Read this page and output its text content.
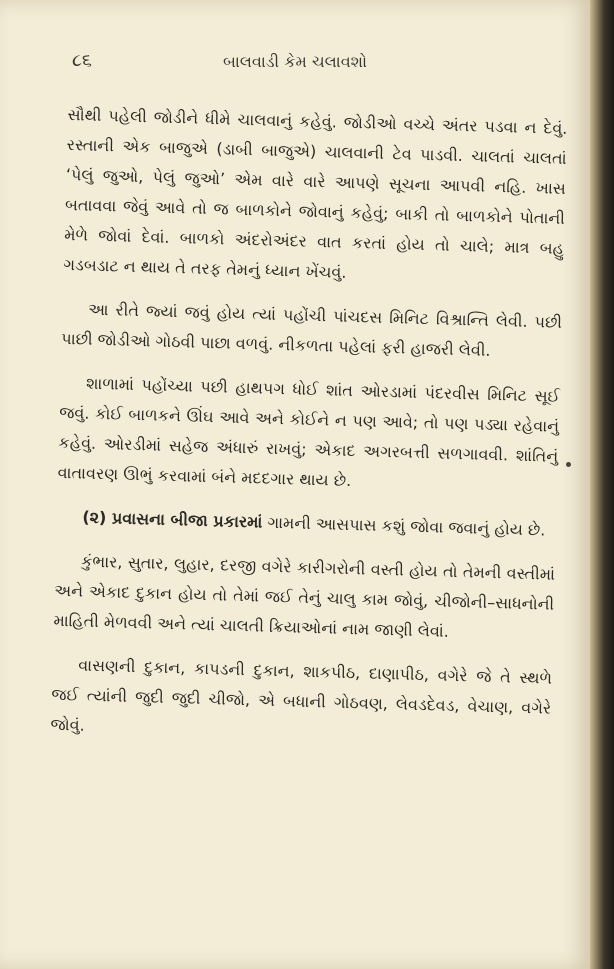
૮૬	બાલવાડી કેમ ચલાવશો

સૌથી પહેલી જોડીને ધીમે ચાલવાનું કહેવું. જોડીઓ વચ્ચે અંતર પડવા ન દેવું. રસ્તાની એક બાજુએ (ડાબી બાજુએ) ચાલવાની ટેવ પાડવી. ચાલતાં ચાલતાં ‘પેલું જુઓ, પેલું જુઓ’ એમ વારે વારે આપણે સૂચના આપવી નહિ. ખાસ બતાવવા જેવું આવે તો જ બાળકોને જોવાનું કહેવું; બાકી તો બાળકોને પોતાની મેળે જોવાં દેવાં. બાળકો અંદરોઅંદર વાત કરતાં હોય તો ચાલે; માત્ર બહુ ગડબડાટ ન થાય તે તરફ તેમનું ધ્યાન ખેંચવું.

આ રીતે જ્યાં જવું હોય ત્યાં પહોંચી પાંચદસ મિનિટ વિશ્રાન્તિ લેવી. પછી પાછી જોડીઓ ગોઠવી પાછા વળવું. નીકળતા પહેલાં ફરી હાજરી લેવી.

શાળામાં પહોંચ્યા પછી હાથપગ ધોઈ શાંત ઓરડામાં પંદરવીસ મિનિટ સૂઈ જવું. કોઈ બાળકને ઊંઘ આવે અને કોઈને ન પણ આવે; તો પણ પડ્યા રહેવાનું કહેવું. ઓરડીમાં સહેજ અંધારું રાખવું; એકાદ અગરબત્તી સળગાવવી. શાંતિનું વાતાવરણ ઊભું કરવામાં બંને મદદગાર થાય છે.

(૨) પ્રવાસના બીજા પ્રકારમાં ગામની આસપાસ કશું જોવા જવાનું હોય છે.

કુંભાર, સુતાર, લુહાર, દરજી વગેરે કારીગરોની વસ્તી હોય તો તેમની વસ્તીમાં અને એકાદ દુકાન હોય તો તેમાં જઈ તેનું ચાલુ કામ જોવું, ચીજોની–સાધનોની માહિતી મેળવવી અને ત્યાં ચાલતી ક્રિયાઓનાં નામ જાણી લેવાં.

વાસણની દુકાન, કાપડની દુકાન, શાકપીઠ, દાણાપીઠ, વગેરે જે તે સ્થળે જઈ ત્યાંની જુદી જુદી ચીજો, એ બધાની ગોઠવણ, લેવડદેવડ, વેચાણ, વગેરે જોવું.
